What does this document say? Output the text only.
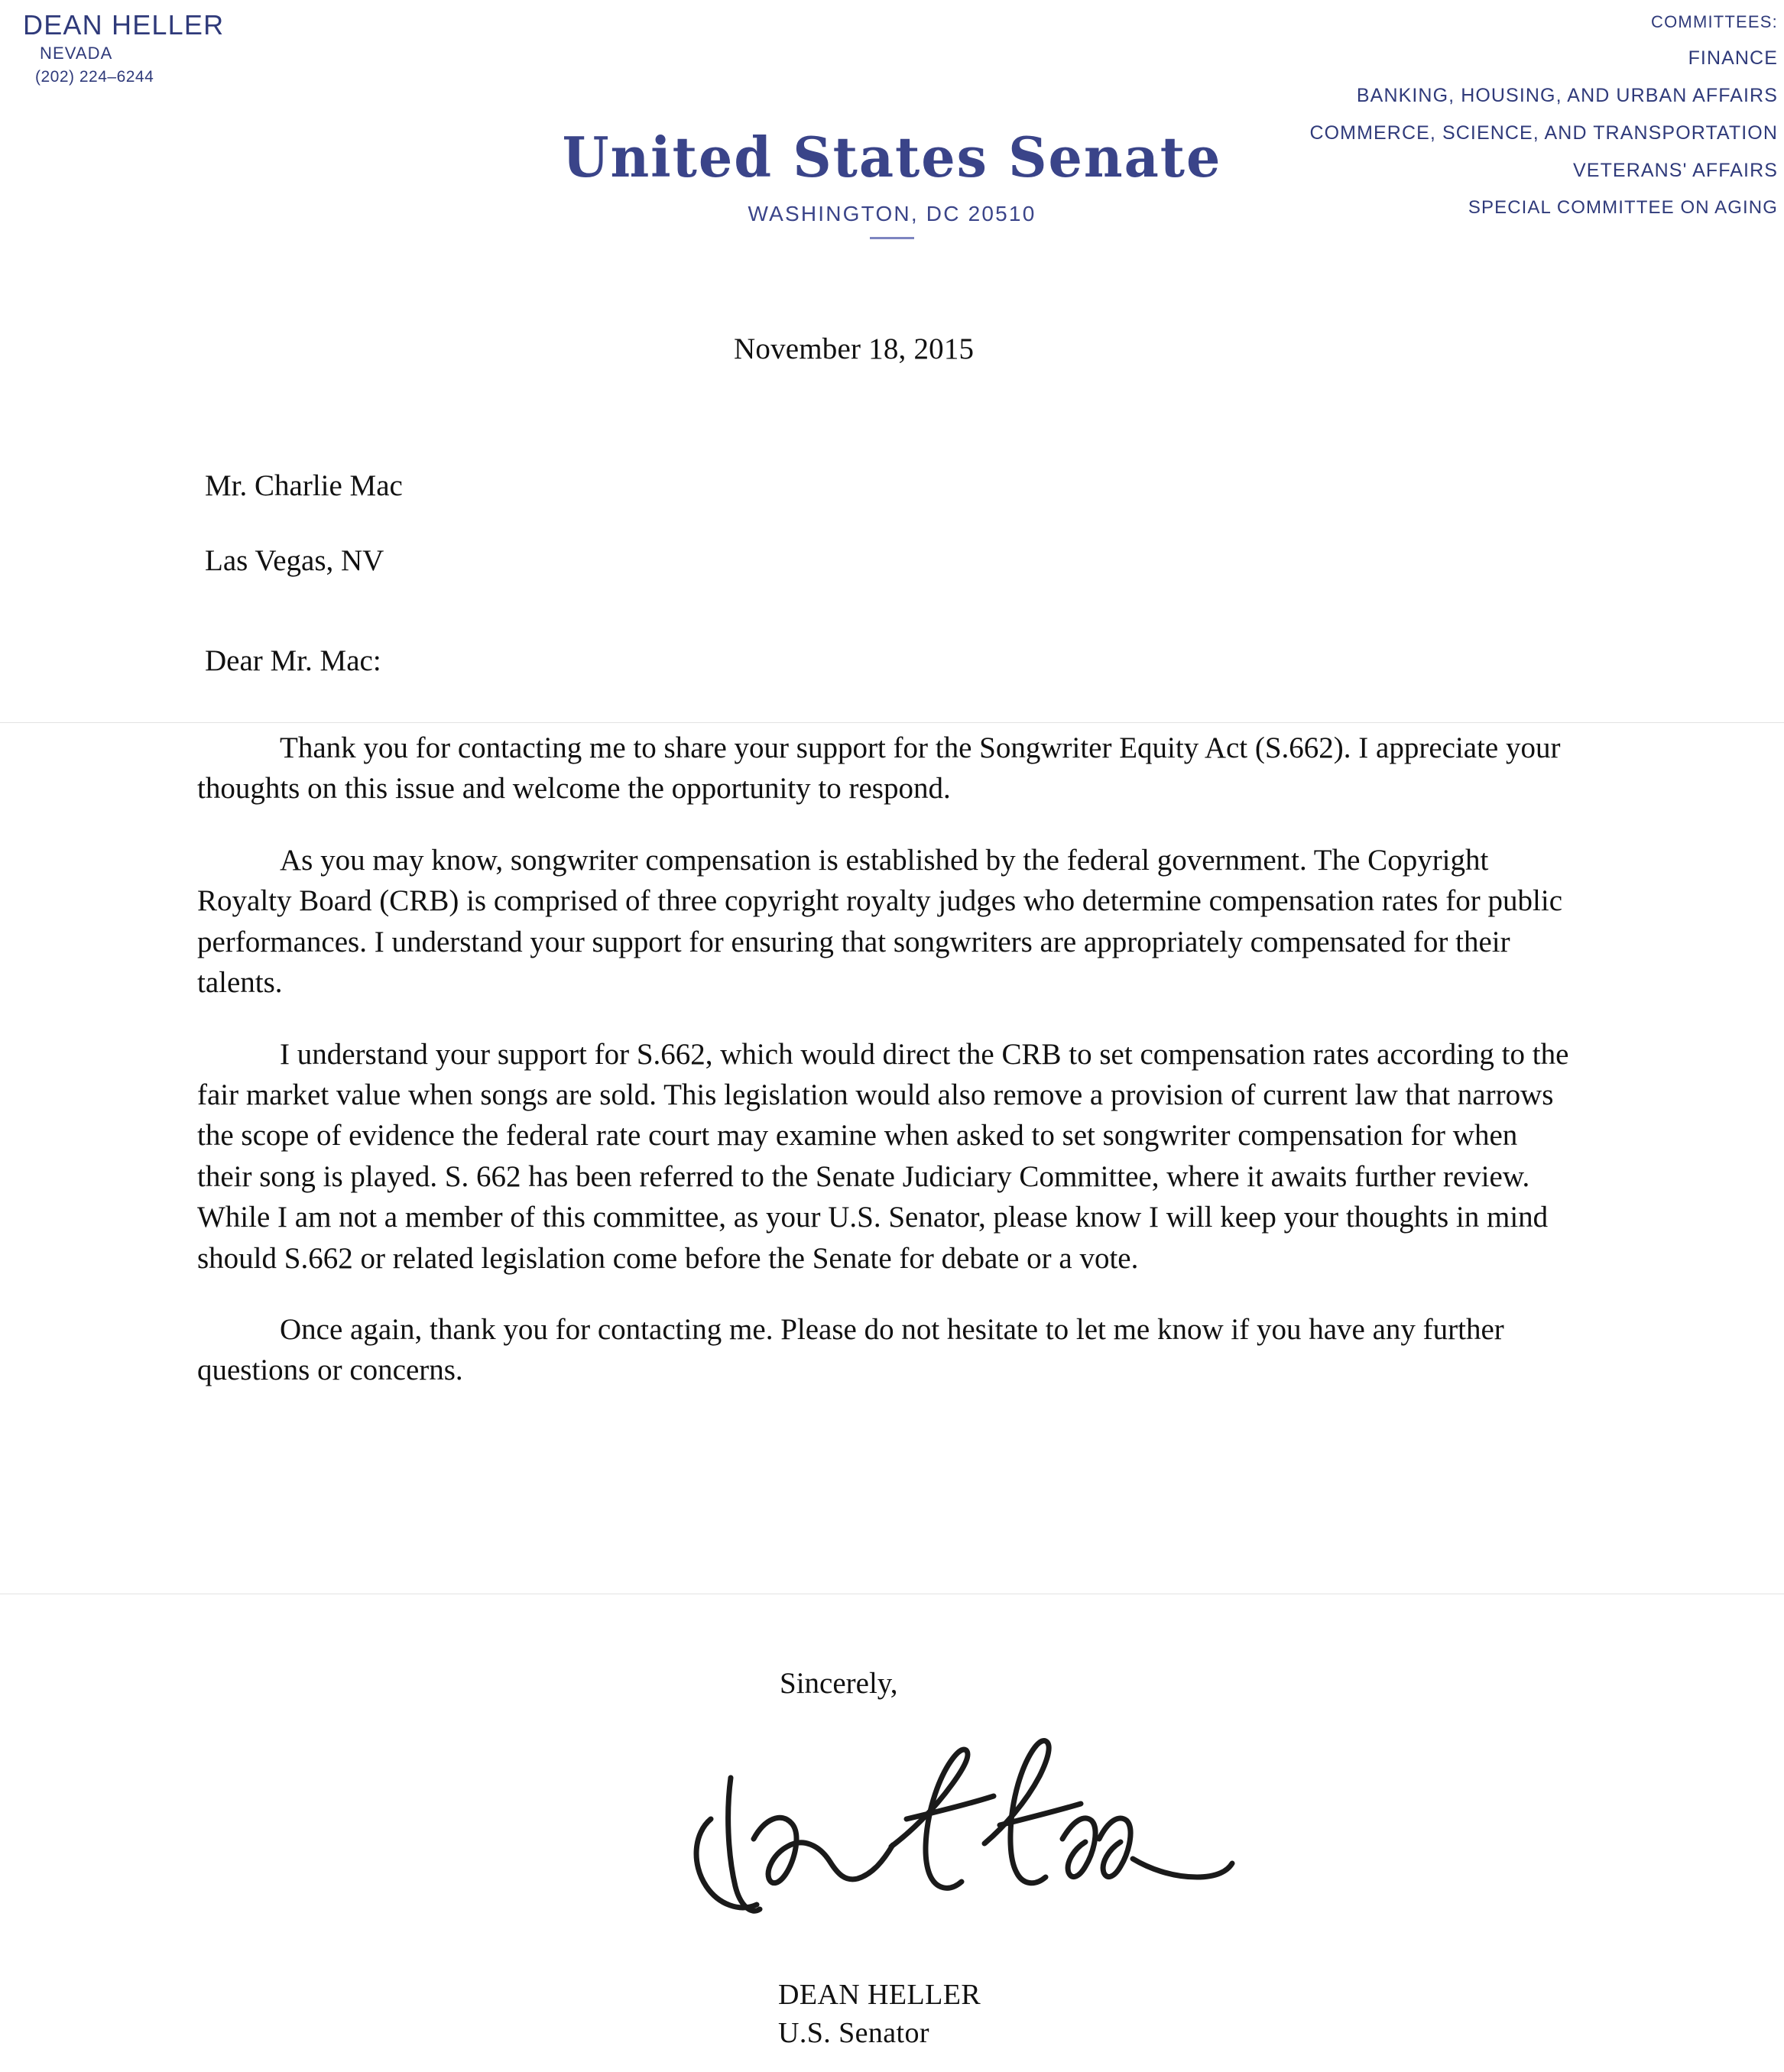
DEAN HELLER
NEVADA
(202) 224–6244
United States Senate
WASHINGTON, DC 20510
COMMITTEES:
FINANCE
BANKING, HOUSING, AND URBAN AFFAIRS
COMMERCE, SCIENCE, AND TRANSPORTATION
VETERANS' AFFAIRS
SPECIAL COMMITTEE ON AGING
November 18, 2015
Mr. Charlie Mac
Las Vegas, NV
Dear Mr. Mac:

Thank you for contacting me to share your support for the Songwriter Equity Act (S.662). I appreciate your thoughts on this issue and welcome the opportunity to respond.

As you may know, songwriter compensation is established by the federal government. The Copyright Royalty Board (CRB) is comprised of three copyright royalty judges who determine compensation rates for public performances. I understand your support for ensuring that songwriters are appropriately compensated for their talents.

I understand your support for S.662, which would direct the CRB to set compensation rates according to the fair market value when songs are sold. This legislation would also remove a provision of current law that narrows the scope of evidence the federal rate court may examine when asked to set songwriter compensation for when their song is played. S. 662 has been referred to the Senate Judiciary Committee, where it awaits further review. While I am not a member of this committee, as your U.S. Senator, please know I will keep your thoughts in mind should S.662 or related legislation come before the Senate for debate or a vote.

Once again, thank you for contacting me. Please do not hesitate to let me know if you have any further questions or concerns.

Sincerely,
DEAN HELLER
U.S. Senator
